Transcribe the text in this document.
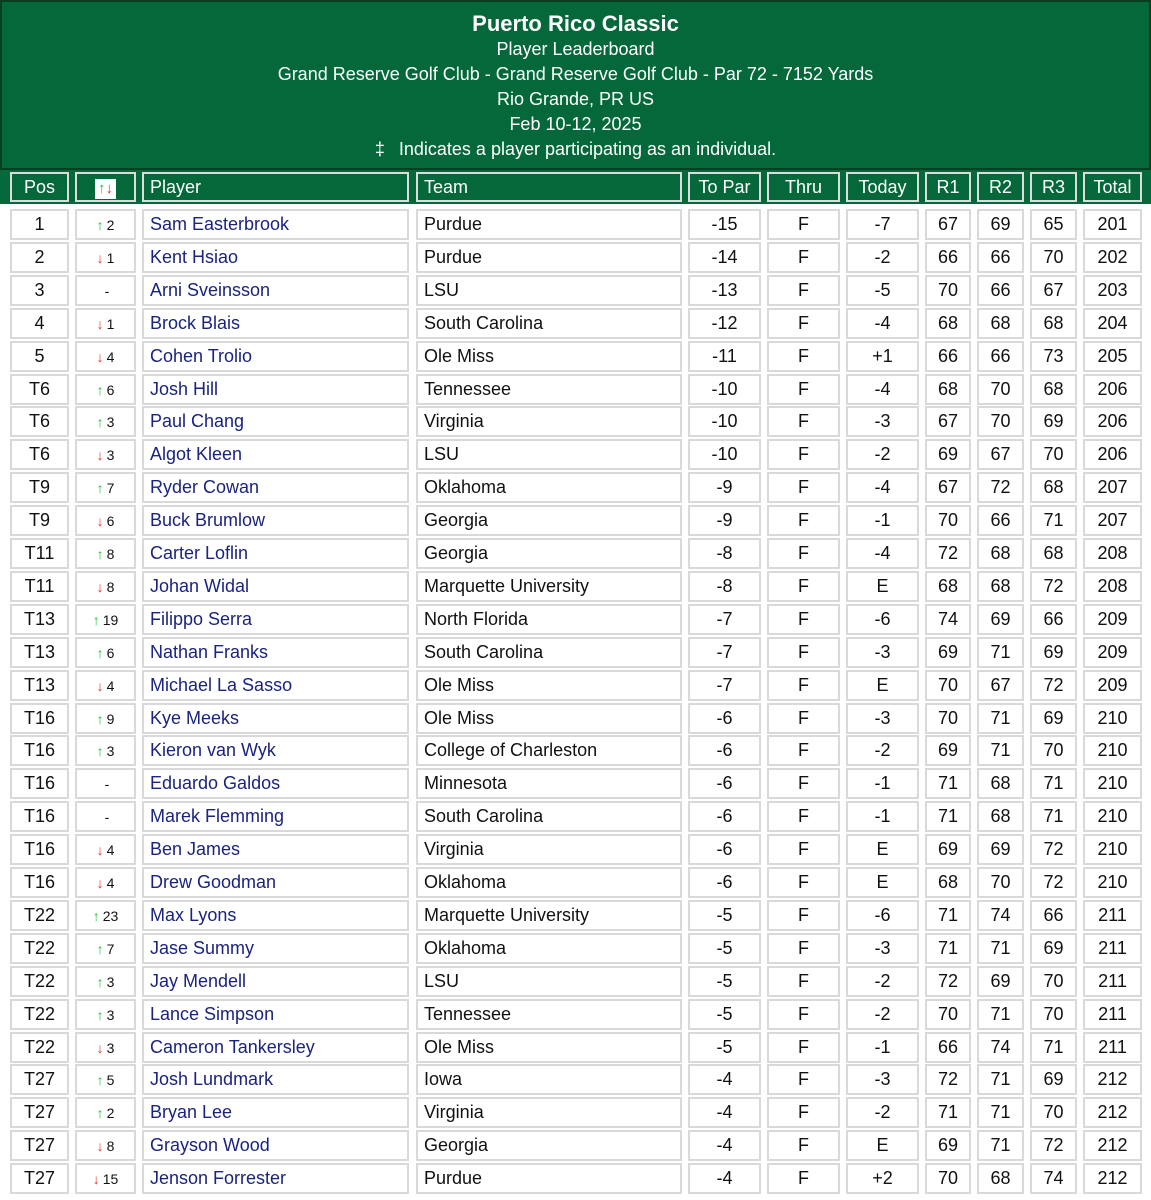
Puerto Rico Classic
Player Leaderboard
Grand Reserve Golf Club - Grand Reserve Golf Club - Par 72 - 7152 Yards
Rio Grande, PR US
Feb 10-12, 2025
‡ Indicates a player participating as an individual.
Pos	↑↓	Player	Team	To Par	Thru	Today	R1	R2	R3	Total
1	↑ 2	Sam Easterbrook	Purdue	-15	F	-7	67	69	65	201
2	↓ 1	Kent Hsiao	Purdue	-14	F	-2	66	66	70	202
3	-	Arni Sveinsson	LSU	-13	F	-5	70	66	67	203
4	↓ 1	Brock Blais	South Carolina	-12	F	-4	68	68	68	204
5	↓ 4	Cohen Trolio	Ole Miss	-11	F	+1	66	66	73	205
T6	↑ 6	Josh Hill	Tennessee	-10	F	-4	68	70	68	206
T6	↑ 3	Paul Chang	Virginia	-10	F	-3	67	70	69	206
T6	↓ 3	Algot Kleen	LSU	-10	F	-2	69	67	70	206
T9	↑ 7	Ryder Cowan	Oklahoma	-9	F	-4	67	72	68	207
T9	↓ 6	Buck Brumlow	Georgia	-9	F	-1	70	66	71	207
T11	↑ 8	Carter Loflin	Georgia	-8	F	-4	72	68	68	208
T11	↓ 8	Johan Widal	Marquette University	-8	F	E	68	68	72	208
T13	↑ 19	Filippo Serra	North Florida	-7	F	-6	74	69	66	209
T13	↑ 6	Nathan Franks	South Carolina	-7	F	-3	69	71	69	209
T13	↓ 4	Michael La Sasso	Ole Miss	-7	F	E	70	67	72	209
T16	↑ 9	Kye Meeks	Ole Miss	-6	F	-3	70	71	69	210
T16	↑ 3	Kieron van Wyk	College of Charleston	-6	F	-2	69	71	70	210
T16	-	Eduardo Galdos	Minnesota	-6	F	-1	71	68	71	210
T16	-	Marek Flemming	South Carolina	-6	F	-1	71	68	71	210
T16	↓ 4	Ben James	Virginia	-6	F	E	69	69	72	210
T16	↓ 4	Drew Goodman	Oklahoma	-6	F	E	68	70	72	210
T22	↑ 23	Max Lyons	Marquette University	-5	F	-6	71	74	66	211
T22	↑ 7	Jase Summy	Oklahoma	-5	F	-3	71	71	69	211
T22	↑ 3	Jay Mendell	LSU	-5	F	-2	72	69	70	211
T22	↑ 3	Lance Simpson	Tennessee	-5	F	-2	70	71	70	211
T22	↓ 3	Cameron Tankersley	Ole Miss	-5	F	-1	66	74	71	211
T27	↑ 5	Josh Lundmark	Iowa	-4	F	-3	72	71	69	212
T27	↑ 2	Bryan Lee	Virginia	-4	F	-2	71	71	70	212
T27	↓ 8	Grayson Wood	Georgia	-4	F	E	69	71	72	212
T27	↓ 15	Jenson Forrester	Purdue	-4	F	+2	70	68	74	212
